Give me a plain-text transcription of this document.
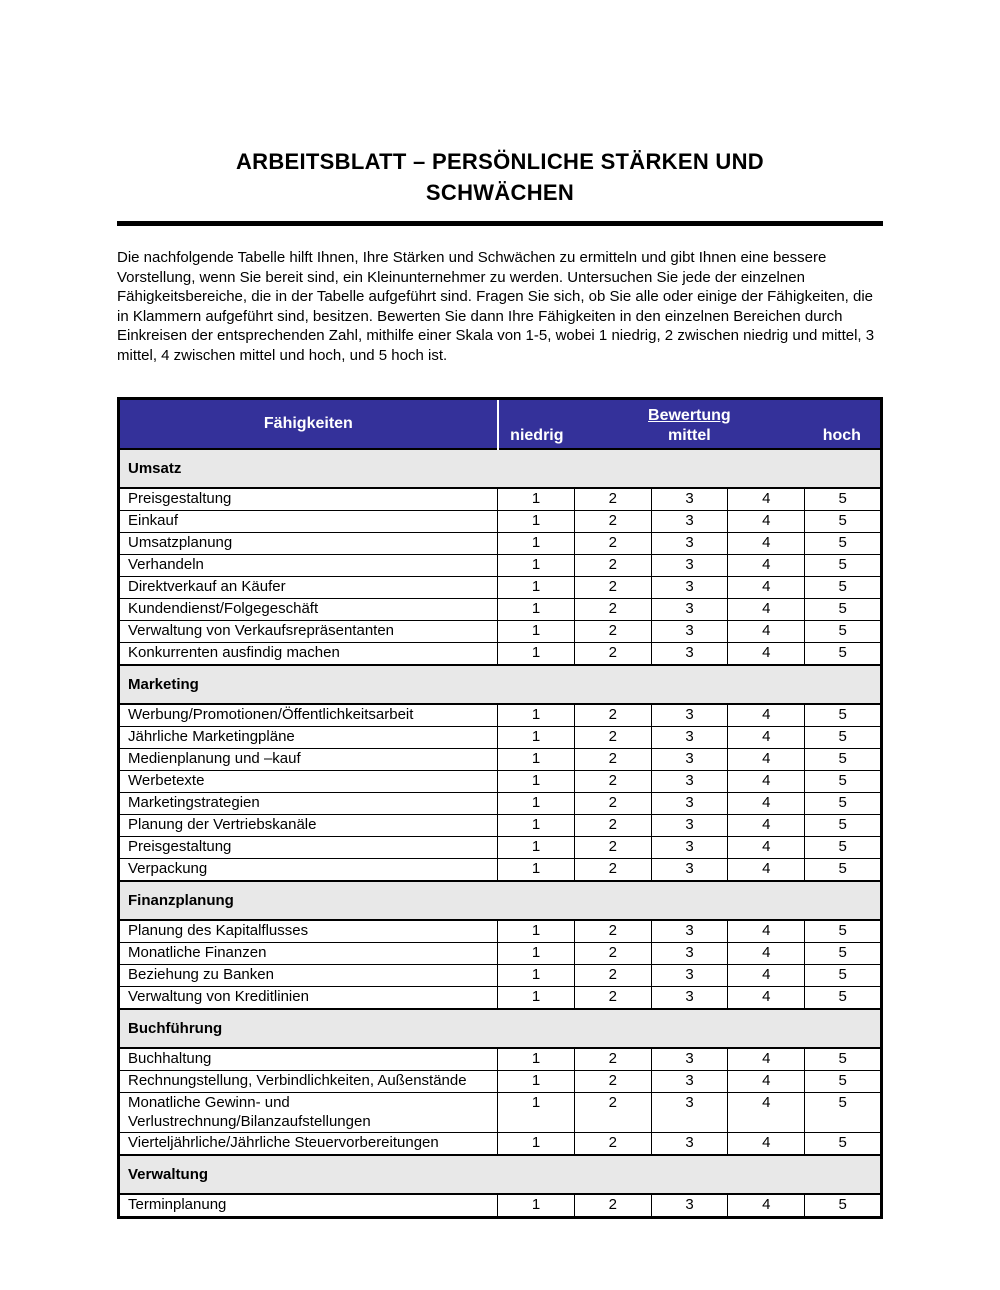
ARBEITSBLATT – PERSÖNLICHE STÄRKEN UND
SCHWÄCHEN

Die nachfolgende Tabelle hilft Ihnen, Ihre Stärken und Schwächen zu ermitteln und gibt Ihnen eine bessere Vorstellung, wenn Sie bereit sind, ein Kleinunternehmer zu werden. Untersuchen Sie jede der einzelnen Fähigkeitsbereiche, die in der Tabelle aufgeführt sind. Fragen Sie sich, ob Sie alle oder einige der Fähigkeiten, die in Klammern aufgeführt sind, besitzen. Bewerten Sie dann Ihre Fähigkeiten in den einzelnen Bereichen durch Einkreisen der entsprechenden Zahl, mithilfe einer Skala von 1-5, wobei 1 niedrig, 2 zwischen niedrig und mittel, 3 mittel, 4 zwischen mittel und hoch, und 5 hoch ist.

Fähigkeiten	Bewertung
niedrig mittel hoch				

Umsatz					
Preisgestaltung	1	2	3	4	5
Einkauf	1	2	3	4	5
Umsatzplanung	1	2	3	4	5
Verhandeln	1	2	3	4	5
Direktverkauf an Käufer	1	2	3	4	5
Kundendienst/Folgegeschäft	1	2	3	4	5
Verwaltung von Verkaufsrepräsentanten	1	2	3	4	5
Konkurrenten ausfindig machen	1	2	3	4	5
Marketing					
Werbung/Promotionen/Öffentlichkeitsarbeit	1	2	3	4	5
Jährliche Marketingpläne	1	2	3	4	5
Medienplanung und –kauf	1	2	3	4	5
Werbetexte	1	2	3	4	5
Marketingstrategien	1	2	3	4	5
Planung der Vertriebskanäle	1	2	3	4	5
Preisgestaltung	1	2	3	4	5
Verpackung	1	2	3	4	5
Finanzplanung					
Planung des Kapitalflusses	1	2	3	4	5
Monatliche Finanzen	1	2	3	4	5
Beziehung zu Banken	1	2	3	4	5
Verwaltung von Kreditlinien	1	2	3	4	5
Buchführung					
Buchhaltung	1	2	3	4	5
Rechnungstellung, Verbindlichkeiten, Außenstände	1	2	3	4	5
Monatliche Gewinn- und Verlustrechnung/Bilanzaufstellungen	1	2	3	4	5
Vierteljährliche/Jährliche Steuervorbereitungen	1	2	3	4	5
Verwaltung					
Terminplanung	1	2	3	4	5
